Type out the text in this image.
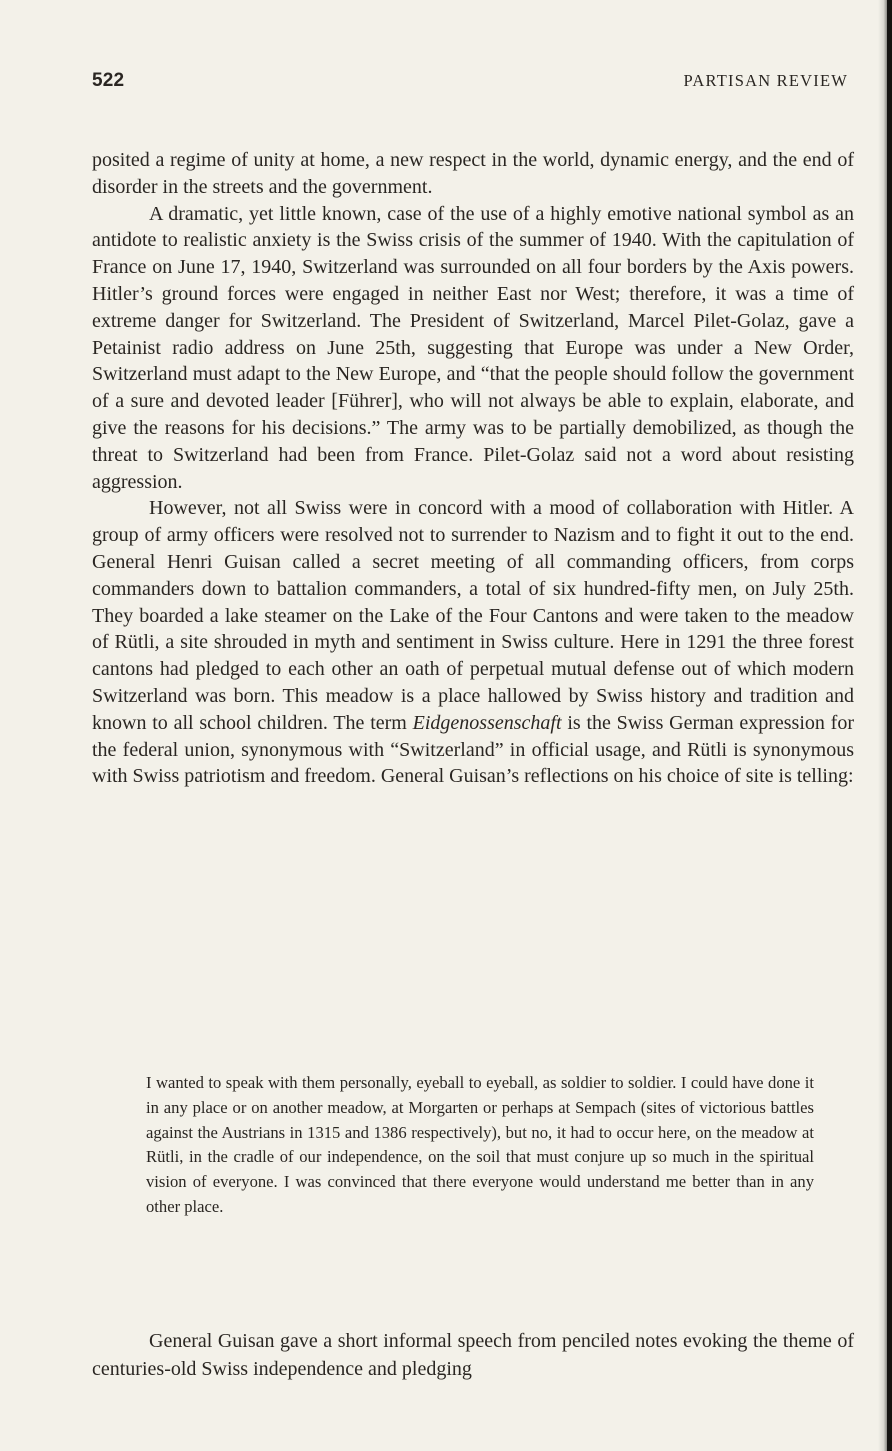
522	PARTISAN REVIEW

posited a regime of unity at home, a new respect in the world, dynamic energy, and the end of disorder in the streets and the government.

A dramatic, yet little known, case of the use of a highly emotive national symbol as an antidote to realistic anxiety is the Swiss crisis of the summer of 1940. With the capitulation of France on June 17, 1940, Switzerland was surrounded on all four borders by the Axis powers. Hitler’s ground forces were engaged in neither East nor West; therefore, it was a time of extreme danger for Switzerland. The President of Switzerland, Marcel Pilet-Golaz, gave a Petainist radio address on June 25th, suggesting that Europe was under a New Order, Switzerland must adapt to the New Europe, and “that the people should follow the government of a sure and devoted leader [Führer], who will not always be able to explain, elaborate, and give the reasons for his decisions.” The army was to be partially demobilized, as though the threat to Switzerland had been from France. Pilet-Golaz said not a word about resisting aggression.

However, not all Swiss were in concord with a mood of collaboration with Hitler. A group of army officers were resolved not to surrender to Nazism and to fight it out to the end. General Henri Guisan called a secret meeting of all commanding officers, from corps commanders down to battalion commanders, a total of six hundred-fifty men, on July 25th. They boarded a lake steamer on the Lake of the Four Cantons and were taken to the meadow of Rütli, a site shrouded in myth and sentiment in Swiss culture. Here in 1291 the three forest cantons had pledged to each other an oath of perpetual mutual defense out of which modern Switzerland was born. This meadow is a place hallowed by Swiss history and tradition and known to all school children. The term Eidgenossenschaft is the Swiss German expression for the federal union, synonymous with “Switzerland” in official usage, and Rütli is synonymous with Swiss patriotism and freedom. General Guisan’s reflections on his choice of site is telling:

I wanted to speak with them personally, eyeball to eyeball, as soldier to soldier. I could have done it in any place or on another meadow, at Morgarten or perhaps at Sempach (sites of victorious battles against the Austrians in 1315 and 1386 respectively), but no, it had to occur here, on the meadow at Rütli, in the cradle of our independence, on the soil that must conjure up so much in the spiritual vision of everyone. I was convinced that there everyone would understand me better than in any other place.

General Guisan gave a short informal speech from penciled notes evoking the theme of centuries-old Swiss independence and pledging
